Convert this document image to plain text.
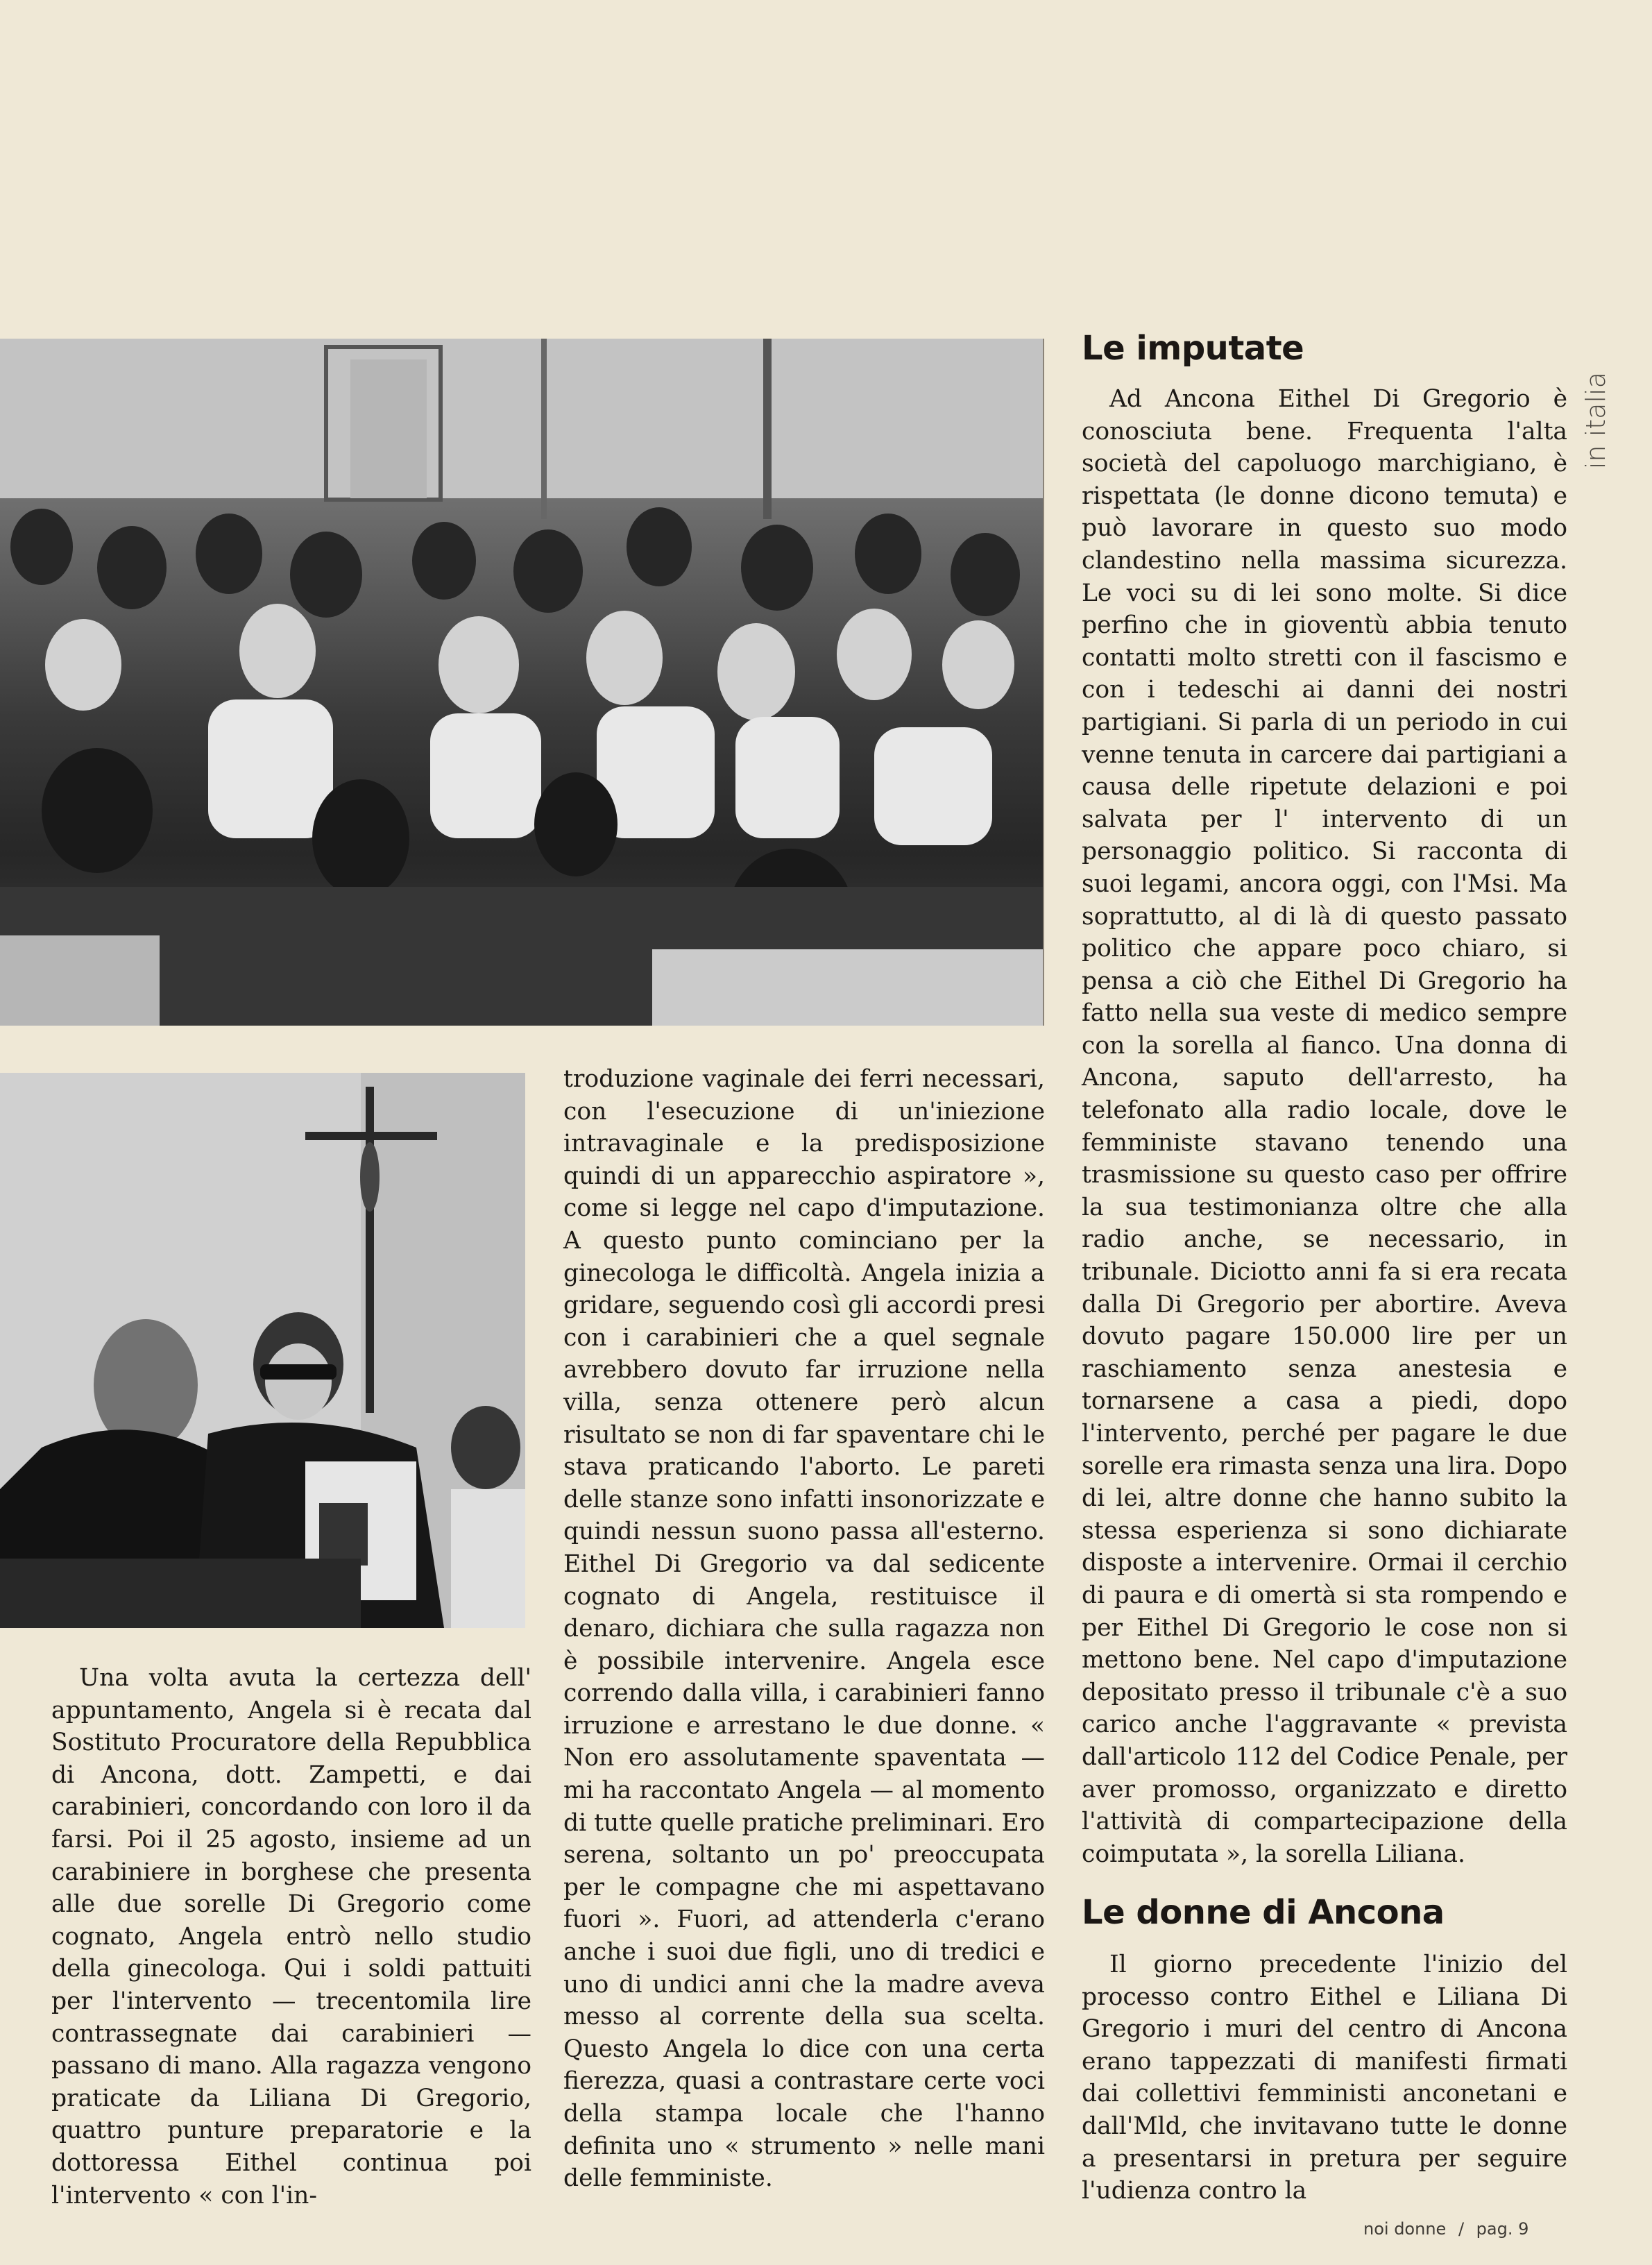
Una volta avuta la certezza dell' appuntamento, Angela si è recata dal Sostituto Procuratore della Repubblica di Ancona, dott. Zampetti, e dai carabinieri, concordando con loro il da farsi. Poi il 25 agosto, insieme ad un carabiniere in borghese che presenta alle due sorelle Di Gregorio come cognato, Angela entrò nello studio della ginecologa. Qui i soldi pattuiti per l'intervento — trecentomila lire contrassegnate dai carabinieri — passano di mano. Alla ragazza vengono praticate da Liliana Di Gregorio, quattro punture preparatorie e la dottoressa Eithel continua poi l'intervento « con l'in-

troduzione vaginale dei ferri necessari, con l'esecuzione di un'iniezione intravaginale e la predisposizione quindi di un apparecchio aspiratore », come si legge nel capo d'imputazione. A questo punto cominciano per la ginecologa le difficoltà. Angela inizia a gridare, seguendo così gli accordi presi con i carabinieri che a quel segnale avrebbero dovuto far irruzione nella villa, senza ottenere però alcun risultato se non di far spaventare chi le stava praticando l'aborto. Le pareti delle stanze sono infatti insonorizzate e quindi nessun suono passa all'esterno. Eithel Di Gregorio va dal sedicente cognato di Angela, restituisce il denaro, dichiara che sulla ragazza non è possibile intervenire. Angela esce correndo dalla villa, i carabinieri fanno irruzione e arrestano le due donne. « Non ero assolutamente spaventata — mi ha raccontato Angela — al momento di tutte quelle pratiche preliminari. Ero serena, soltanto un po' preoccupata per le compagne che mi aspettavano fuori ». Fuori, ad attenderla c'erano anche i suoi due figli, uno di tredici e uno di undici anni che la madre aveva messo al corrente della sua scelta. Questo Angela lo dice con una certa fierezza, quasi a contrastare certe voci della stampa locale che l'hanno definita uno « strumento » nelle mani delle femministe.

Le imputate

Ad Ancona Eithel Di Gregorio è conosciuta bene. Frequenta l'alta società del capoluogo marchigiano, è rispettata (le donne dicono temuta) e può lavorare in questo suo modo clandestino nella massima sicurezza. Le voci su di lei sono molte. Si dice perfino che in gioventù abbia tenuto contatti molto stretti con il fascismo e con i tedeschi ai danni dei nostri partigiani. Si parla di un periodo in cui venne tenuta in carcere dai partigiani a causa delle ripetute delazioni e poi salvata per l' intervento di un personaggio politico. Si racconta di suoi legami, ancora oggi, con l'Msi. Ma soprattutto, al di là di questo passato politico che appare poco chiaro, si pensa a ciò che Eithel Di Gregorio ha fatto nella sua veste di medico sempre con la sorella al fianco. Una donna di Ancona, saputo dell'arresto, ha telefonato alla radio locale, dove le femministe stavano tenendo una trasmissione su questo caso per offrire la sua testimonianza oltre che alla radio anche, se necessario, in tribunale. Diciotto anni fa si era recata dalla Di Gregorio per abortire. Aveva dovuto pagare 150.000 lire per un raschiamento senza anestesia e tornarsene a casa a piedi, dopo l'intervento, perché per pagare le due sorelle era rimasta senza una lira. Dopo di lei, altre donne che hanno subito la stessa esperienza si sono dichiarate disposte a intervenire. Ormai il cerchio di paura e di omertà si sta rompendo e per Eithel Di Gregorio le cose non si mettono bene. Nel capo d'imputazione depositato presso il tribunale c'è a suo carico anche l'aggravante « prevista dall'articolo 112 del Codice Penale, per aver promosso, organizzato e diretto l'attività di compartecipazione della coimputata », la sorella Liliana.

Le donne di Ancona

Il giorno precedente l'inizio del processo contro Eithel e Liliana Di Gregorio i muri del centro di Ancona erano tappezzati di manifesti firmati dai collettivi femministi anconetani e dall'Mld, che invitavano tutte le donne a presentarsi in pretura per seguire l'udienza contro la

in italia
noi donne / pag. 9
